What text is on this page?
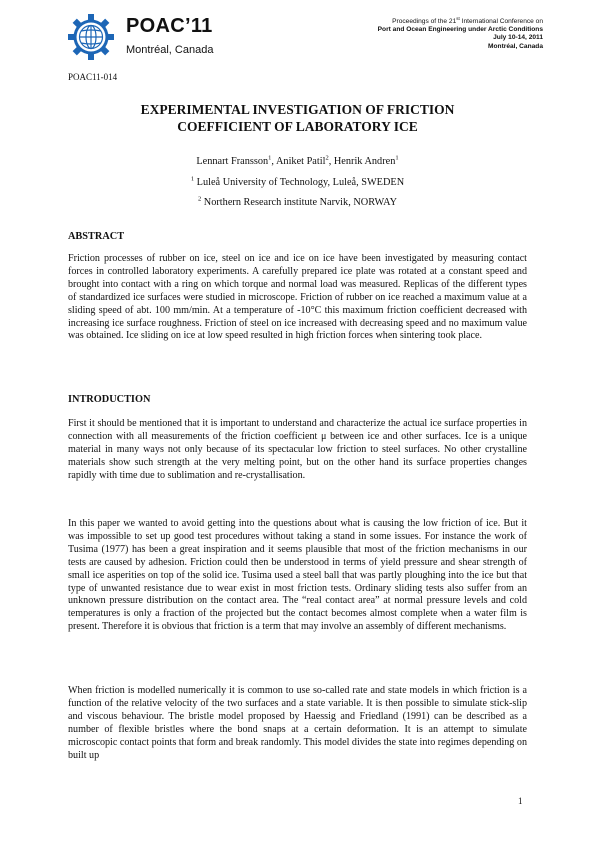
POAC’11
Montréal, Canada
Proceedings of the 21st International Conference on
Port and Ocean Engineering under Arctic Conditions
July 10-14, 2011
Montréal, Canada
POAC11-014
EXPERIMENTAL INVESTIGATION OF FRICTION
COEFFICIENT OF LABORATORY ICE
Lennart Fransson$^1$, Aniket Patil$^2$, Henrik Andren$^1$
$^1$ Luleå University of Technology, Luleå, SWEDEN
$^2$ Northern Research institute Narvik, NORWAY
ABSTRACT
Friction processes of rubber on ice, steel on ice and ice on ice have been investigated by measuring contact forces in controlled laboratory experiments. A carefully prepared ice plate was rotated at a constant speed and brought into contact with a ring on which torque and normal load was measured. Replicas of the different types of standardized ice surfaces were studied in microscope. Friction of rubber on ice reached a maximum value at a sliding speed of abt. 100 mm/min. At a temperature of -10°C this maximum friction coefficient decreased with increasing ice surface roughness. Friction of steel on ice increased with decreasing speed and no maximum value was obtained. Ice sliding on ice at low speed resulted in high friction forces when sintering took place.
INTRODUCTION
First it should be mentioned that it is important to understand and characterize the actual ice surface properties in connection with all measurements of the friction coefficient μ between ice and other surfaces. Ice is a unique material in many ways not only because of its spectacular low friction to steel surfaces. No other crystalline materials show such strength at the very melting point, but on the other hand its surface properties changes rapidly with time due to sublimation and re-crystallisation.
In this paper we wanted to avoid getting into the questions about what is causing the low friction of ice. But it was impossible to set up good test procedures without taking a stand in some issues. For instance the work of Tusima (1977) has been a great inspiration and it seems plausible that most of the friction mechanisms in our tests are caused by adhesion. Friction could then be understood in terms of yield pressure and shear strength of small ice asperities on top of the solid ice. Tusima used a steel ball that was partly ploughing into the ice but that type of unwanted resistance due to wear exist in most friction tests. Ordinary sliding tests also suffer from an unknown pressure distribution on the contact area. The “real contact area” at normal pressure levels and cold temperatures is only a fraction of the projected but the contact becomes almost complete when a water film is present. Therefore it is obvious that friction is a term that may involve an assembly of different mechanisms.
When friction is modelled numerically it is common to use so-called rate and state models in which friction is a function of the relative velocity of the two surfaces and a state variable. It is then possible to simulate stick-slip and viscous behaviour. The bristle model proposed by Haessig and Friedland (1991) can be described as a number of flexible bristles where the bond snaps at a certain deformation. It is an attempt to simulate microscopic contact points that form and break randomly. This model divides the state into regimes depending on built up
1
